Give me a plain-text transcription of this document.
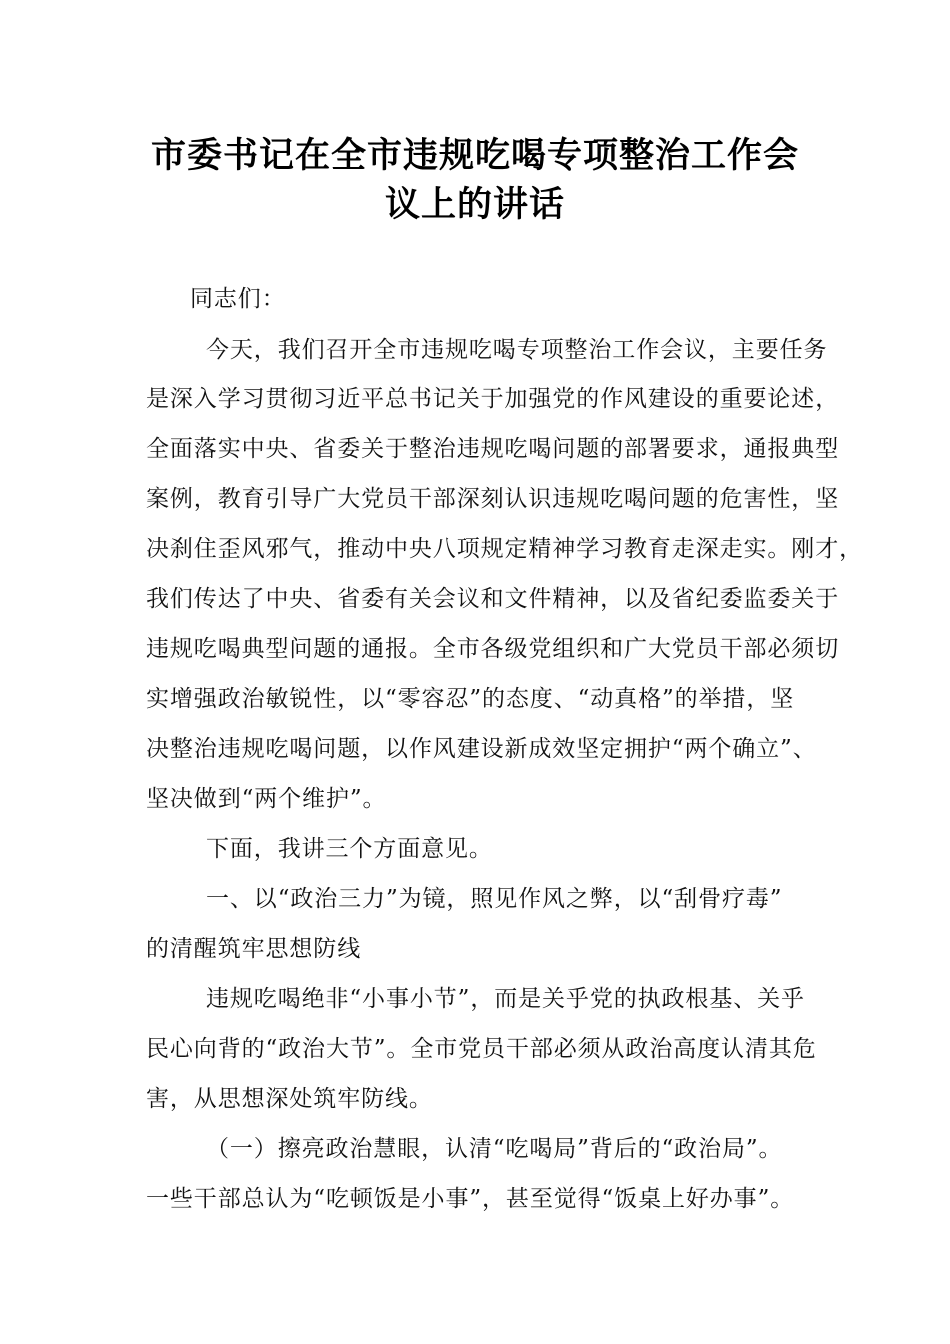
市委书记在全市违规吃喝专项整治工作会
议上的讲话
同志们：
今天，我们召开全市违规吃喝专项整治工作会议，主要任务
是深入学习贯彻习近平总书记关于加强党的作风建设的重要论述，
全面落实中央、省委关于整治违规吃喝问题的部署要求，通报典型
案例，教育引导广大党员干部深刻认识违规吃喝问题的危害性，坚
决刹住歪风邪气，推动中央八项规定精神学习教育走深走实。刚才，
我们传达了中央、省委有关会议和文件精神，以及省纪委监委关于
违规吃喝典型问题的通报。全市各级党组织和广大党员干部必须切
实增强政治敏锐性，以“零容忍”的态度、“动真格”的举措，坚
决整治违规吃喝问题，以作风建设新成效坚定拥护“两个确立”、
坚决做到“两个维护”。
下面，我讲三个方面意见。
一、以“政治三力”为镜，照见作风之弊，以“刮骨疗毒”
的清醒筑牢思想防线
违规吃喝绝非“小事小节”，而是关乎党的执政根基、关乎
民心向背的“政治大节”。全市党员干部必须从政治高度认清其危
害，从思想深处筑牢防线。
（一）擦亮政治慧眼，认清“吃喝局”背后的“政治局”。
一些干部总认为“吃顿饭是小事”，甚至觉得“饭桌上好办事”。
